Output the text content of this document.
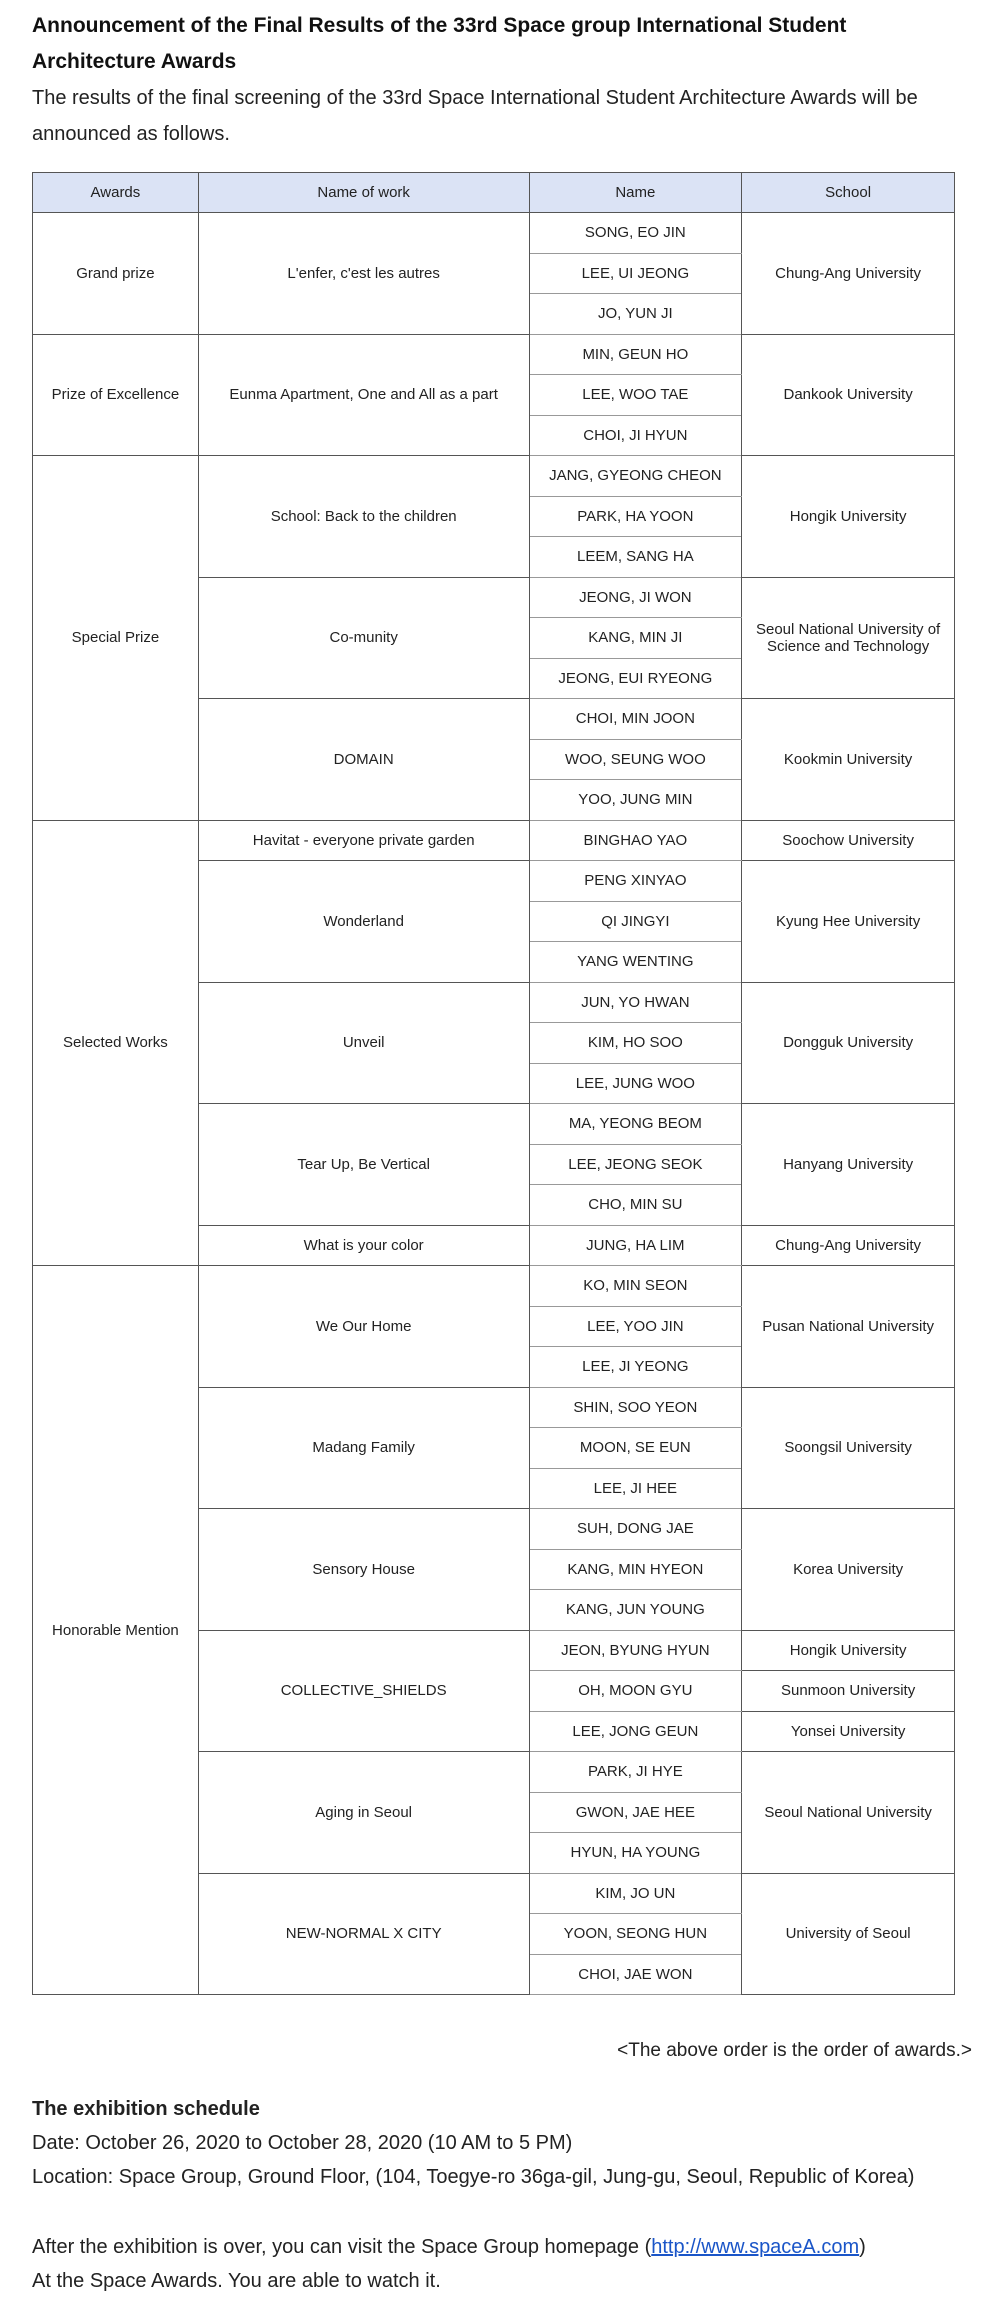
Announcement of the Final Results of the 33rd Space group International Student Architecture Awards

The results of the final screening of the 33rd Space International Student Architecture Awards will be announced as follows.

Awards	Name of work	Name	School
Grand prize	L'enfer, c'est les autres	SONG, EO JIN	Chung-Ang University
		LEE, UI JEONG	
		JO, YUN JI	
Prize of Excellence	Eunma Apartment, One and All as a part	MIN, GEUN HO	Dankook University
		LEE, WOO TAE	
		CHOI, JI HYUN	
Special Prize	School: Back to the children	JANG, GYEONG CHEON	Hongik University
		PARK, HA YOON	
		LEEM, SANG HA	
	Co-munity	JEONG, JI WON	Seoul National University of Science and Technology
		KANG, MIN JI	
		JEONG, EUI RYEONG	
	DOMAIN	CHOI, MIN JOON	Kookmin University
		WOO, SEUNG WOO	
		YOO, JUNG MIN	
Selected Works	Havitat - everyone private garden	BINGHAO YAO	Soochow University
	Wonderland	PENG XINYAO	Kyung Hee University
		QI JINGYI	
		YANG WENTING	
	Unveil	JUN, YO HWAN	Dongguk University
		KIM, HO SOO	
		LEE, JUNG WOO	
	Tear Up, Be Vertical	MA, YEONG BEOM	Hanyang University
		LEE, JEONG SEOK	
		CHO, MIN SU	
	What is your color	JUNG, HA LIM	Chung-Ang University
Honorable Mention	We Our Home	KO, MIN SEON	Pusan National University
		LEE, YOO JIN	
		LEE, JI YEONG	
	Madang Family	SHIN, SOO YEON	Soongsil University
		MOON, SE EUN	
		LEE, JI HEE	
	Sensory House	SUH, DONG JAE	Korea University
		KANG, MIN HYEON	
		KANG, JUN YOUNG	
	COLLECTIVE_SHIELDS	JEON, BYUNG HYUN	Hongik University
		OH, MOON GYU	Sunmoon University
		LEE, JONG GEUN	Yonsei University
	Aging in Seoul	PARK, JI HYE	Seoul National University
		GWON, JAE HEE	
		HYUN, HA YOUNG	
	NEW-NORMAL X CITY	KIM, JO UN	University of Seoul
		YOON, SEONG HUN	
		CHOI, JAE WON	
<The above order is the order of awards.>
The exhibition schedule
Date: October 26, 2020 to October 28, 2020 (10 AM to 5 PM)
Location: Space Group, Ground Floor, (104, Toegye-ro 36ga-gil, Jung-gu, Seoul, Republic of Korea)
After the exhibition is over, you can visit the Space Group homepage (http://www.spaceA.com)
At the Space Awards. You are able to watch it.
